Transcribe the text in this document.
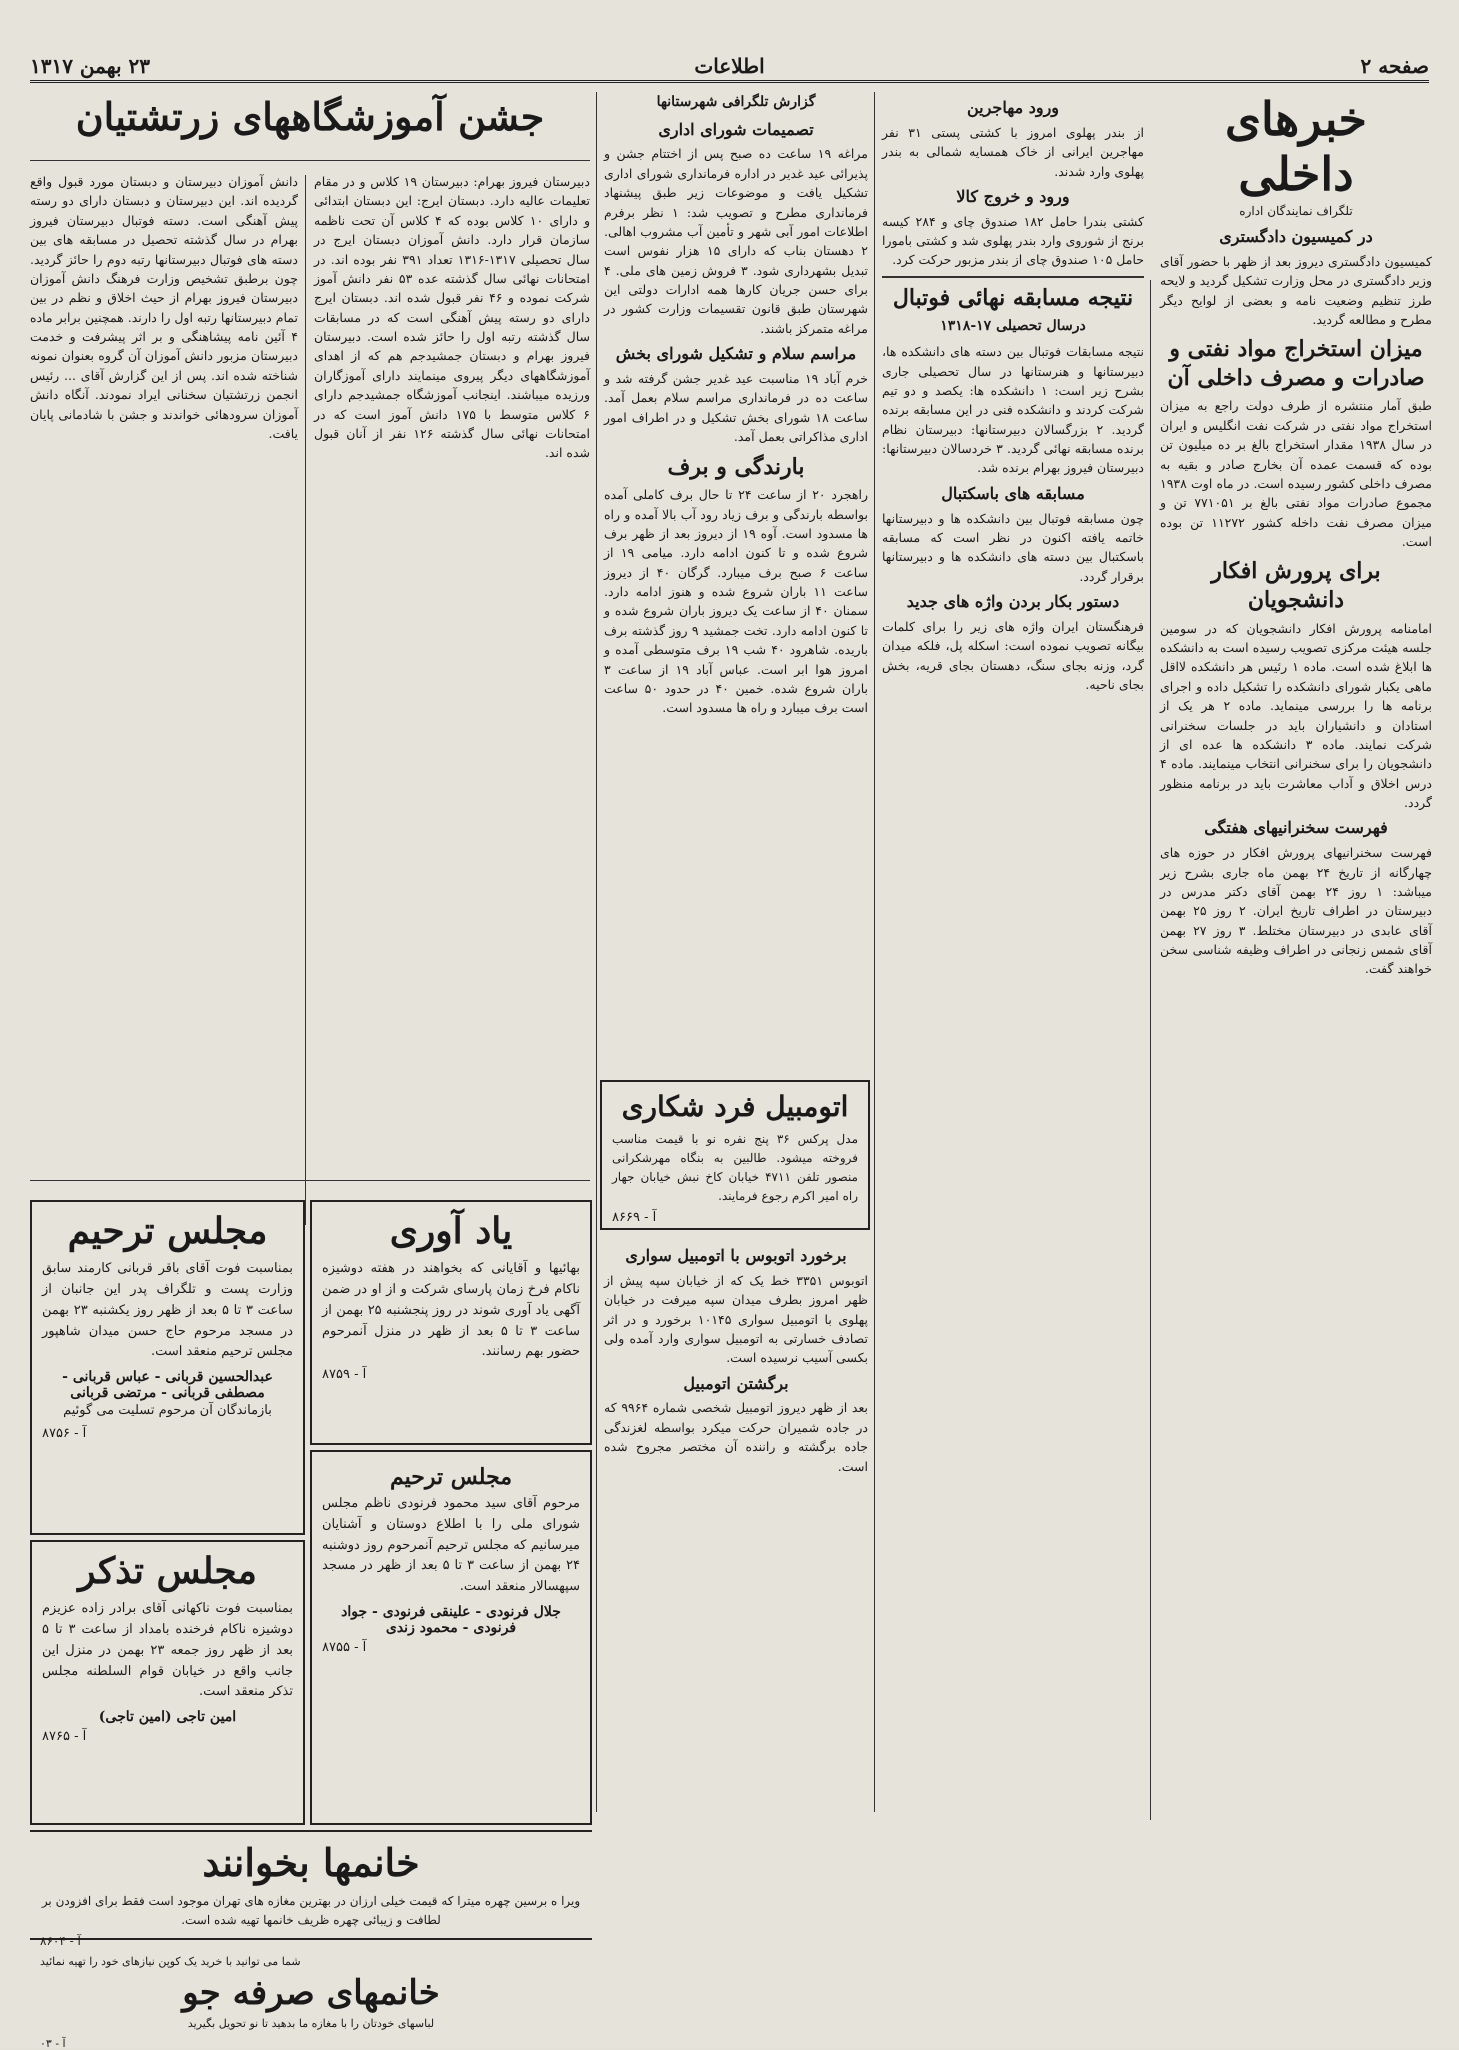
صفحه ۲
اطلاعات
۲۳ بهمن ۱۳۱۷
خبرهای داخلی
تلگراف نمایندگان اداره
در کمیسیون دادگستری

کمیسیون دادگستری دیروز بعد از ظهر با حضور آقای وزیر دادگستری در محل وزارت تشکیل گردید و لایحه طرز تنظیم وضعیت نامه و بعضی از لوایح دیگر مطرح و مطالعه گردید.

میزان استخراج مواد نفتی و صادرات و مصرف داخلی آن

طبق آمار منتشره از طرف دولت راجع به میزان استخراج مواد نفتی در شرکت نفت انگلیس و ایران در سال ۱۹۳۸ مقدار استخراج بالغ بر ده میلیون تن بوده که قسمت عمده آن بخارج صادر و بقیه به مصرف داخلی کشور رسیده است. در ماه اوت ۱۹۳۸ مجموع صادرات مواد نفتی بالغ بر ۷۷۱۰۵۱ تن و میزان مصرف نفت داخله کشور ۱۱۲۷۲ تن بوده است.

برای پرورش افکار دانشجویان

امامنامه پرورش افکار دانشجویان که در سومین جلسه هیئت مرکزی تصویب رسیده است به دانشکده ها ابلاغ شده است. ماده ۱ رئیس هر دانشکده لااقل ماهی یکبار شورای دانشکده را تشکیل داده و اجرای برنامه ها را بررسی مینماید. ماده ۲ هر یک از استادان و دانشیاران باید در جلسات سخنرانی شرکت نمایند. ماده ۳ دانشکده ها عده ای از دانشجویان را برای سخنرانی انتخاب مینمایند. ماده ۴ درس اخلاق و آداب معاشرت باید در برنامه منظور گردد.

فهرست سخنرانیهای هفتگی

فهرست سخنرانیهای پرورش افکار در حوزه های چهارگانه از تاریخ ۲۴ بهمن ماه جاری بشرح زیر میباشد: ۱ روز ۲۴ بهمن آقای دکتر مدرس در دبیرستان در اطراف تاریخ ایران. ۲ روز ۲۵ بهمن آقای عابدی در دبیرستان مختلط. ۳ روز ۲۷ بهمن آقای شمس زنجانی در اطراف وظیفه شناسی سخن خواهند گفت.

ورود مهاجرین

از بندر پهلوی امروز با کشتی پستی ۳۱ نفر مهاجرین ایرانی از خاک همسایه شمالی به بندر پهلوی وارد شدند.

ورود و خروج کالا

کشتی بندرا حامل ۱۸۲ صندوق چای و ۲۸۴ کیسه برنج از شوروی وارد بندر پهلوی شد و کشتی بامورا حامل ۱۰۵ صندوق چای از بندر مزبور حرکت کرد.

نتیجه مسابقه نهائی فوتبال
درسال تحصیلی ۱۷-۱۳۱۸

نتیجه مسابقات فوتبال بین دسته های دانشکده ها، دبیرستانها و هنرستانها در سال تحصیلی جاری بشرح زیر است: ۱ دانشکده ها: یکصد و دو تیم شرکت کردند و دانشکده فنی در این مسابقه برنده گردید. ۲ بزرگسالان دبیرستانها: دبیرستان نظام برنده مسابقه نهائی گردید. ۳ خردسالان دبیرستانها: دبیرستان فیروز بهرام برنده شد.

مسابقه های باسکتبال

چون مسابقه فوتبال بین دانشکده ها و دبیرستانها خاتمه یافته اکنون در نظر است که مسابقه باسکتبال بین دسته های دانشکده ها و دبیرستانها برقرار گردد.

دستور بکار بردن واژه های جدید

فرهنگستان ایران واژه های زیر را برای کلمات بیگانه تصویب نموده است: اسکله پل، فلکه میدان گرد، وزنه بجای سنگ، دهستان بجای قریه، بخش بجای ناحیه.

گزارش تلگرافی شهرستانها
تصمیمات شورای اداری

مراغه ۱۹ ساعت ده صبح پس از اختتام جشن و پذیرائی عید غدیر در اداره فرمانداری شورای اداری تشکیل یافت و موضوعات زیر طبق پیشنهاد فرمانداری مطرح و تصویب شد: ۱ نظر برفرم اطلاعات امور آبی شهر و تأمین آب مشروب اهالی. ۲ دهستان بناب که دارای ۱۵ هزار نفوس است تبدیل بشهرداری شود. ۳ فروش زمین های ملی. ۴ برای حسن جریان کارها همه ادارات دولتی این شهرستان طبق قانون تقسیمات وزارت کشور در مراغه متمرکز باشند.

مراسم سلام و تشکیل شورای بخش

خرم آباد ۱۹ مناسبت عید غدیر جشن گرفته شد و ساعت ده در فرمانداری مراسم سلام بعمل آمد. ساعت ۱۸ شورای بخش تشکیل و در اطراف امور اداری مذاکراتی بعمل آمد.

بارندگی و برف

راهجرد ۲۰ از ساعت ۲۴ تا حال برف کاملی آمده بواسطه بارندگی و برف زیاد رود آب بالا آمده و راه ها مسدود است. آوه ۱۹ از دیروز بعد از ظهر برف شروع شده و تا کنون ادامه دارد. میامی ۱۹ از ساعت ۶ صبح برف میبارد. گرگان ۴۰ از دیروز ساعت ۱۱ باران شروع شده و هنوز ادامه دارد. سمنان ۴۰ از ساعت یک دیروز باران شروع شده و تا کنون ادامه دارد. تخت جمشید ۹ روز گذشته برف باریده. شاهرود ۴۰ شب ۱۹ برف متوسطی آمده و امروز هوا ابر است. عباس آباد ۱۹ از ساعت ۳ باران شروع شده. خمین ۴۰ در حدود ۵۰ ساعت است برف میبارد و راه ها مسدود است.

اتومبیل فرد شکاری
مدل پرکس ۳۶ پنج نفره نو با قیمت مناسب فروخته میشود. طالبین به بنگاه مهرشکرانی منصور تلفن ۴۷۱۱ خیابان کاخ نبش خیابان جهار راه امیر اکرم رجوع فرمایند.
آ - ۸۶۶۹
برخورد اتوبوس با اتومبیل سواری

اتوبوس ۳۳۵۱ خط یک که از خیابان سپه پیش از ظهر امروز بطرف میدان سپه میرفت در خیابان پهلوی با اتومبیل سواری ۱۰۱۴۵ برخورد و در اثر تصادف خسارتی به اتومبیل سواری وارد آمده ولی بکسی آسیب نرسیده است.

برگشتن اتومبیل

بعد از ظهر دیروز اتومبیل شخصی شماره ۹۹۶۴ که در جاده شمیران حرکت میکرد بواسطه لغزندگی جاده برگشته و راننده آن مختصر مجروح شده است.

جشن آموزشگاههای زرتشتیان

دبیرستان فیروز بهرام: دبیرستان ۱۹ کلاس و در مقام تعلیمات عالیه دارد. دبستان ایرج: این دبستان ابتدائی و دارای ۱۰ کلاس بوده که ۴ کلاس آن تحت ناظمه سازمان قرار دارد. دانش آموزان دبستان ایرج در سال تحصیلی ۱۳۱۷-۱۳۱۶ تعداد ۳۹۱ نفر بوده اند. در امتحانات نهائی سال گذشته عده ۵۳ نفر دانش آموز شرکت نموده و ۴۶ نفر قبول شده اند. دبستان ایرج دارای دو رسته پیش آهنگی است که در مسابقات سال گذشته رتبه اول را حائز شده است. دبیرستان فیروز بهرام و دبستان جمشیدجم هم که از اهدای آموزشگاههای دیگر پیروی مینمایند دارای آموزگاران ورزیده میباشند. اینجانب آموزشگاه جمشیدجم دارای ۶ کلاس متوسط با ۱۷۵ دانش آموز است که در امتحانات نهائی سال گذشته ۱۲۶ نفر از آنان قبول شده اند.

دانش آموزان دبیرستان و دبستان مورد قبول واقع گردیده اند. این دبیرستان و دبستان دارای دو رسته پیش آهنگی است. دسته فوتبال دبیرستان فیروز بهرام در سال گذشته تحصیل در مسابقه های بین دسته های فوتبال دبیرستانها رتبه دوم را حائز گردید. چون برطبق تشخیص وزارت فرهنگ دانش آموزان دبیرستان فیروز بهرام از حیث اخلاق و نظم در بین تمام دبیرستانها رتبه اول را دارند. همچنین برابر ماده ۴ آئین نامه پیشاهنگی و بر اثر پیشرفت و خدمت دبیرستان مزبور دانش آموزان آن گروه بعنوان نمونه شناخته شده اند. پس از این گزارش آقای ... رئیس انجمن زرتشتیان سخنانی ایراد نمودند. آنگاه دانش آموزان سرودهائی خواندند و جشن با شادمانی پایان یافت.

یاد آوری
بهائیها و آقایانی که بخواهند در هفته دوشیزه ناکام فرخ زمان پارسای شرکت و از او در ضمن آگهی یاد آوری شوند در روز پنجشنبه ۲۵ بهمن از ساعت ۳ تا ۵ بعد از ظهر در منزل آنمرحوم حضور بهم رسانند.
آ - ۸۷۵۹
مجلس ترحیم
مرحوم آقای سید محمود فرنودی ناظم مجلس شورای ملی را با اطلاع دوستان و آشنایان میرسانیم که مجلس ترحیم آنمرحوم روز دوشنبه ۲۴ بهمن از ساعت ۳ تا ۵ بعد از ظهر در مسجد سپهسالار منعقد است.
جلال فرنودی - علینقی فرنودی - جواد فرنودی - محمود زندی
آ - ۸۷۵۵
مجلس ترحیم
بمناسبت فوت آقای باقر قربانی کارمند سابق وزارت پست و تلگراف پدر این جانبان از ساعت ۳ تا ۵ بعد از ظهر روز یکشنبه ۲۳ بهمن در مسجد مرحوم حاج حسن میدان شاهپور مجلس ترحیم منعقد است.
عبدالحسین قربانی - عباس قربانی - مصطفی قربانی - مرتضی قربانی
بازماندگان آن مرحوم تسلیت می گوئیم
آ - ۸۷۵۶
مجلس تذکر
بمناسبت فوت ناکهانی آقای برادر زاده عزیزم دوشیزه ناکام فرخنده بامداد از ساعت ۳ تا ۵ بعد از ظهر روز جمعه ۲۳ بهمن در منزل این جانب واقع در خیابان قوام السلطنه مجلس تذکر منعقد است.
امین تاجی (امین تاجی)
آ - ۸۷۶۵
خانمها بخوانند
ویرا ه برسین چهره میترا که قیمت خیلی ارزان در بهترین مغازه های تهران موجود است فقط برای افزودن بر لطافت و زیبائی چهره ظریف خانمها تهیه شده است.
آ - ۸۶۰۴
شما می توانید با خرید یک کوپن نیازهای خود را تهیه نمائید
خانمهای صرفه جو
لباسهای خودتان را با مغازه ما بدهید تا نو تحویل بگیرید
آ - ۰۳
